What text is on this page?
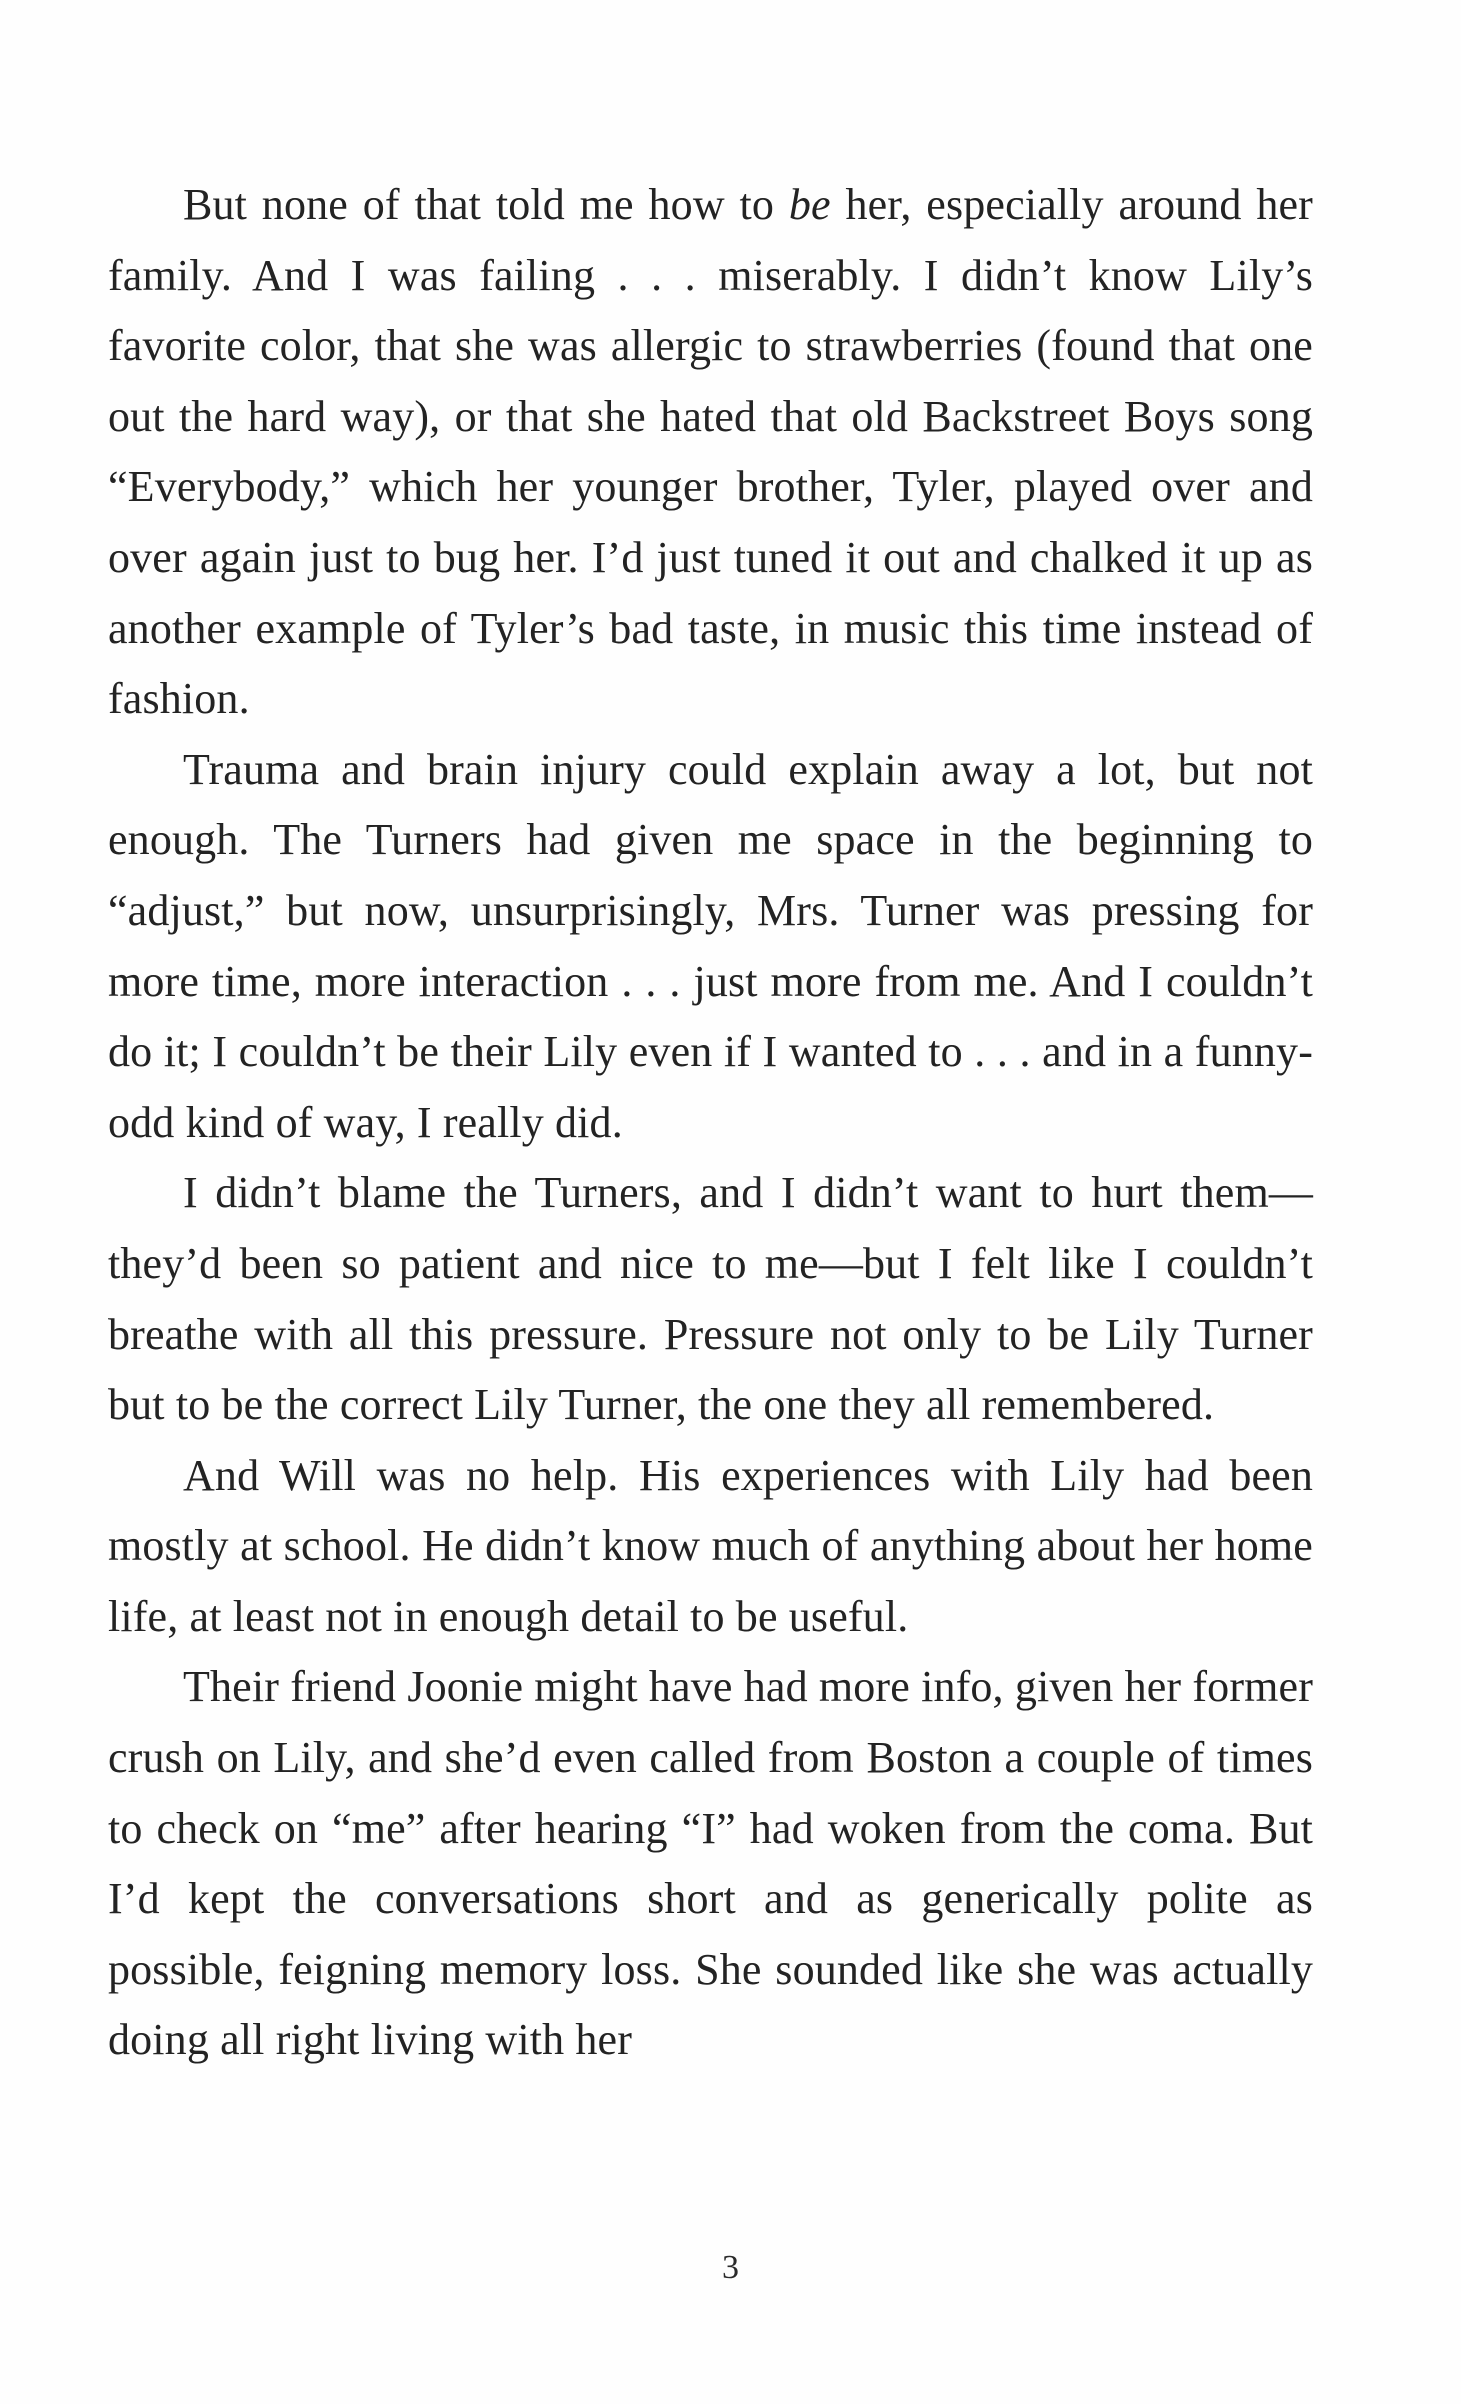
But none of that told me how to be her, especially around her family. And I was failing . . . miserably. I didn’t know Lily’s favorite color, that she was allergic to strawberries (found that one out the hard way), or that she hated that old Backstreet Boys song “Everybody,” which her younger brother, Tyler, played over and over again just to bug her. I’d just tuned it out and chalked it up as another example of Tyler’s bad taste, in music this time instead of fashion.

Trauma and brain injury could explain away a lot, but not enough. The Turners had given me space in the beginning to “adjust,” but now, unsurprisingly, Mrs. Turner was pressing for more time, more interaction . . . just more from me. And I couldn’t do it; I couldn’t be their Lily even if I wanted to . . . and in a funny-odd kind of way, I really did.

I didn’t blame the Turners, and I didn’t want to hurt them—they’d been so patient and nice to me—but I felt like I couldn’t breathe with all this pressure. Pressure not only to be Lily Turner but to be the correct Lily Turner, the one they all remembered.

And Will was no help. His experiences with Lily had been mostly at school. He didn’t know much of anything about her home life, at least not in enough detail to be useful.

Their friend Joonie might have had more info, given her former crush on Lily, and she’d even called from Boston a couple of times to check on “me” after hearing “I” had woken from the coma. But I’d kept the conversations short and as generically polite as possible, feigning memory loss. She sounded like she was actually doing all right living with her

3
